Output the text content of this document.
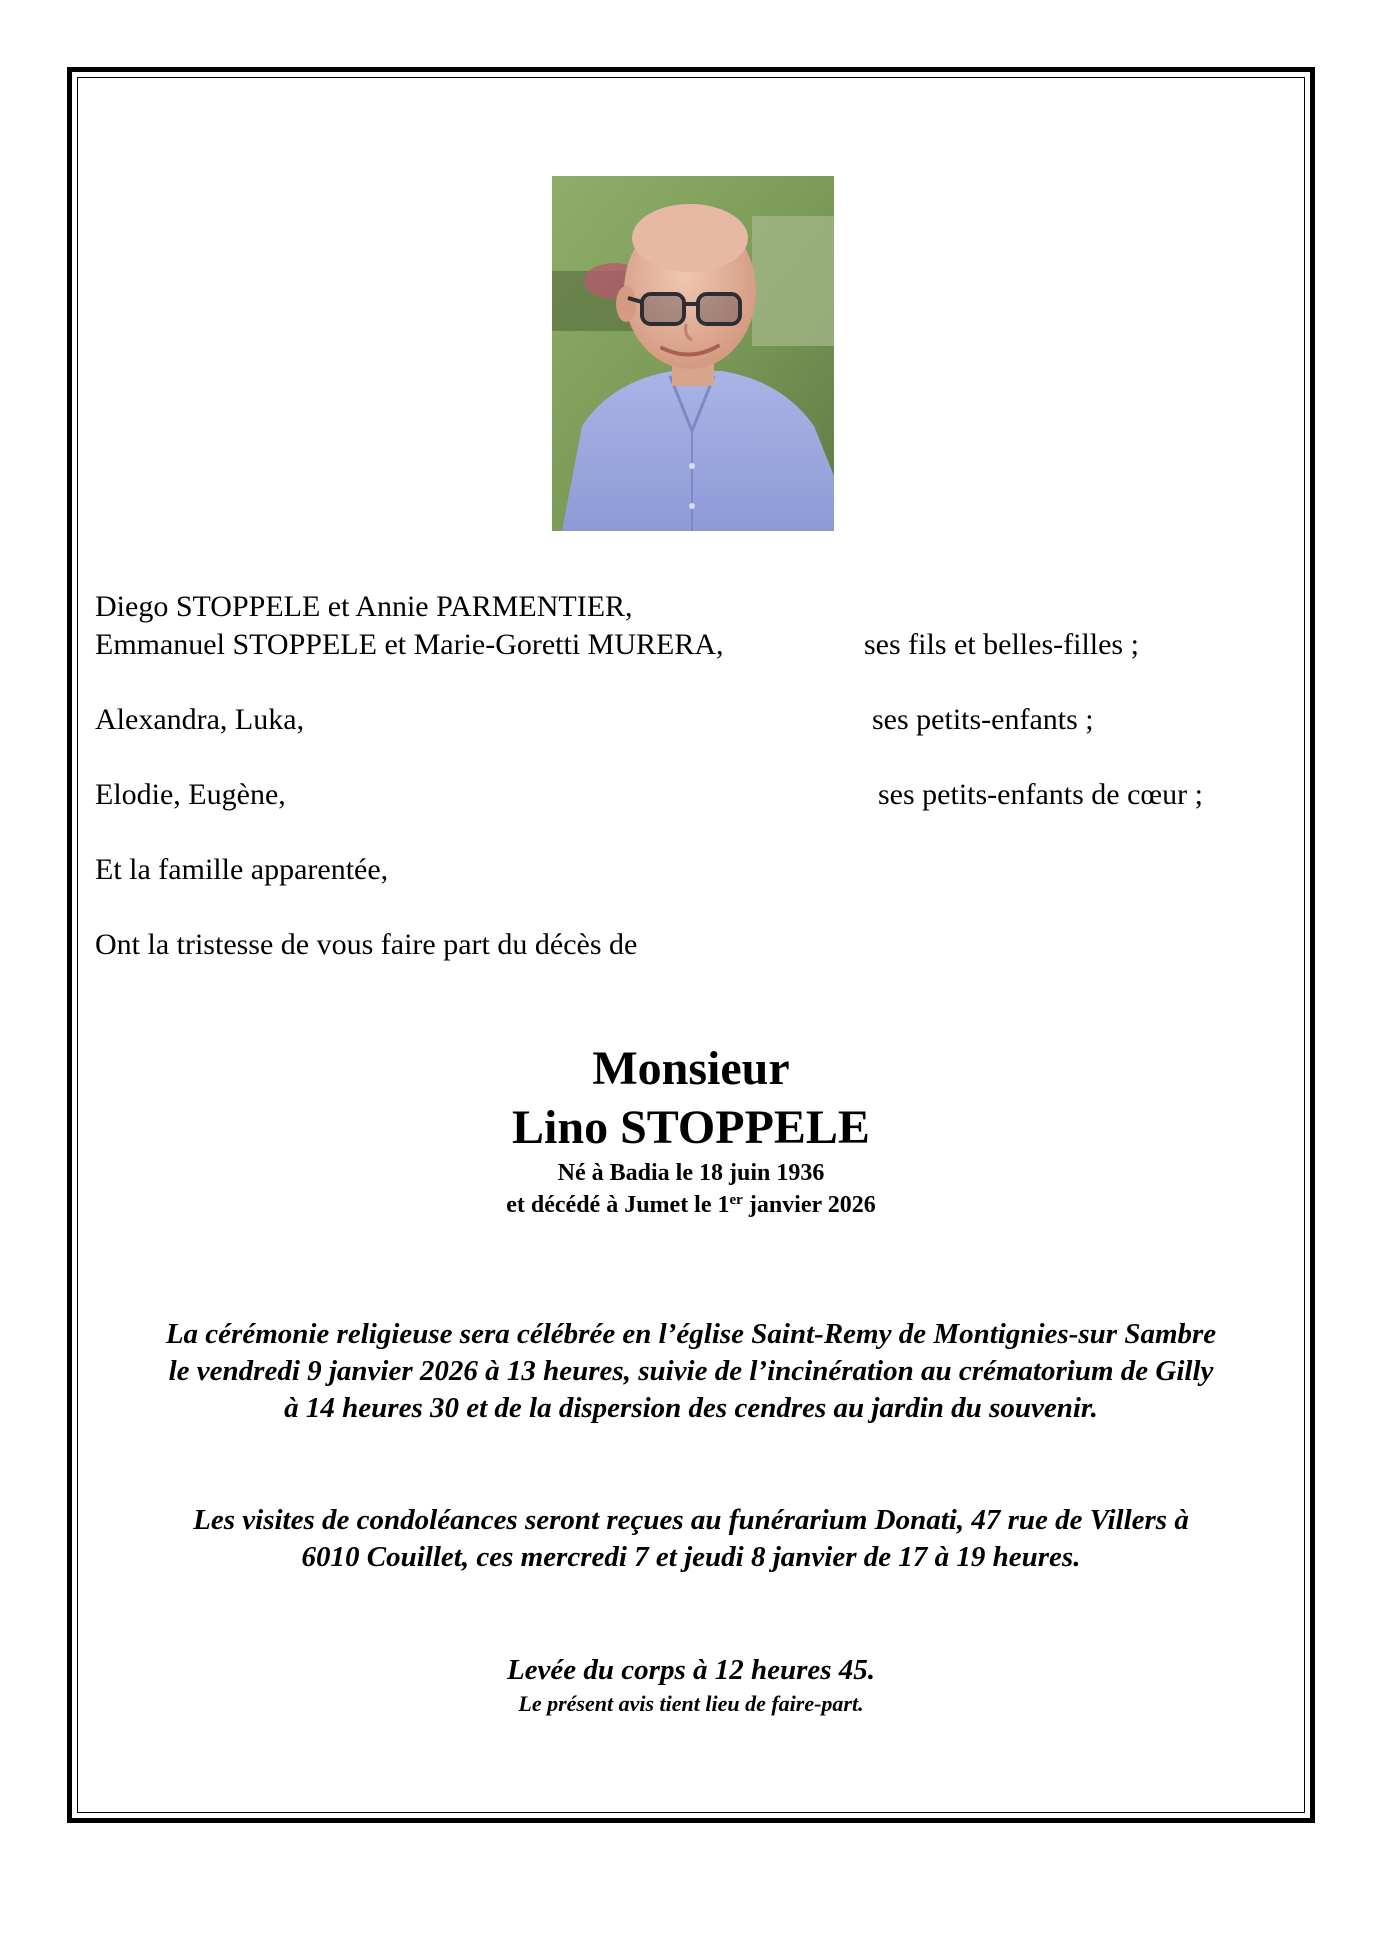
Diego STOPPELE et Annie PARMENTIER,
Emmanuel STOPPELE et Marie-Goretti MURERA,	ses fils et belles-filles ;
Alexandra, Luka,	ses petits-enfants ;
Elodie, Eugène,	ses petits-enfants de cœur ;
Et la famille apparentée,
Ont la tristesse de vous faire part du décès de
Monsieur
Lino STOPPELE
Né à Badia le 18 juin 1936
et décédé à Jumet le 1er janvier 2026
La cérémonie religieuse sera célébrée en l’église Saint-Remy de Montignies-sur Sambre
le vendredi 9 janvier 2026 à 13 heures, suivie de l’incinération au crématorium de Gilly
à 14 heures 30 et de la dispersion des cendres au jardin du souvenir.
Les visites de condoléances seront reçues au funérarium Donati, 47 rue de Villers à
6010 Couillet, ces mercredi 7 et jeudi 8 janvier de 17 à 19 heures.
Levée du corps à 12 heures 45.
Le présent avis tient lieu de faire-part.
